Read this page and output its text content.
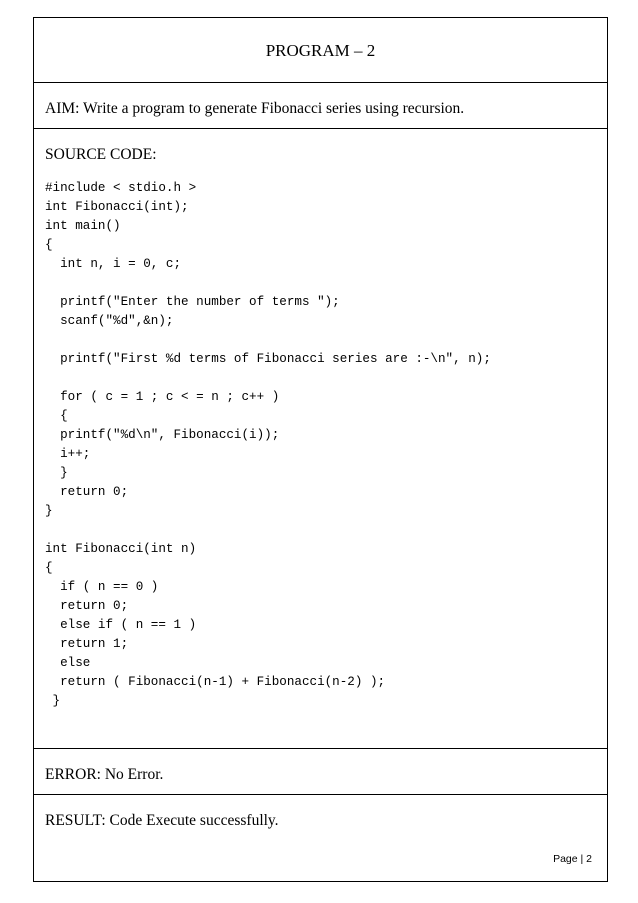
PROGRAM – 2
AIM: Write a program to generate Fibonacci series using recursion.
SOURCE CODE:
#include < stdio.h >
int Fibonacci(int);
int main()
{
int n, i = 0, c;

printf("Enter the number of terms ");
scanf("%d",&n);

printf("First %d terms of Fibonacci series are :-\n", n);

for ( c = 1 ; c < = n ; c++ )
{
printf("%d\n", Fibonacci(i));
i++;
}
return 0;
}

int Fibonacci(int n)
{
if ( n == 0 )
return 0;
else if ( n == 1 )
return 1;
else
return ( Fibonacci(n-1) + Fibonacci(n-2) );
}
ERROR: No Error.
RESULT: Code Execute successfully.
Page | 2
